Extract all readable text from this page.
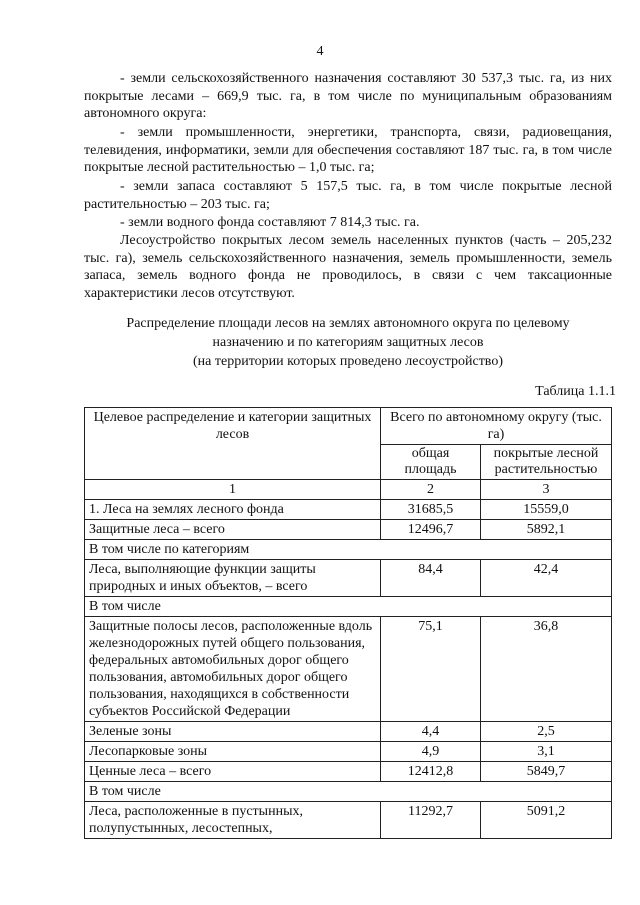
4

- земли сельскохозяйственного назначения составляют 30 537,3 тыс. га, из них покрытые лесами – 669,9 тыс. га, в том числе по муниципальным образованиям автономного округа:

- земли промышленности, энергетики, транспорта, связи, радиовещания, телевидения, информатики, земли для обеспечения составляют 187 тыс. га, в том числе покрытые лесной растительностью – 1,0 тыс. га;

- земли запаса составляют 5 157,5 тыс. га, в том числе покрытые лесной растительностью – 203 тыс. га;

- земли водного фонда составляют 7 814,3 тыс. га.

Лесоустройство покрытых лесом земель населенных пунктов (часть – 205,232 тыс. га), земель сельскохозяйственного назначения, земель промышленности, земель запаса, земель водного фонда не проводилось, в связи с чем таксационные характеристики лесов отсутствуют.

Распределение площади лесов на землях автономного округа по целевому
назначению и по категориям защитных лесов
(на территории которых проведено лесоустройство)
Таблица 1.1.1
Целевое распределение и категории защитных лесов	Всего по автономному округу (тыс. га)	
	общая площадь	покрытые лесной растительностью
1	2	3
1. Леса на землях лесного фонда	31685,5	15559,0
Защитные леса – всего	12496,7	5892,1
В том числе по категориям		
Леса, выполняющие функции защиты природных и иных объектов, – всего	84,4	42,4
В том числе		
Защитные полосы лесов, расположенные вдоль железнодорожных путей общего пользования, федеральных автомобильных дорог общего пользования, автомобильных дорог общего пользования, находящихся в собственности субъектов Российской Федерации	75,1	36,8
Зеленые зоны	4,4	2,5
Лесопарковые зоны	4,9	3,1
Ценные леса – всего	12412,8	5849,7
В том числе		
Леса, расположенные в пустынных, полупустынных, лесостепных,	11292,7	5091,2
